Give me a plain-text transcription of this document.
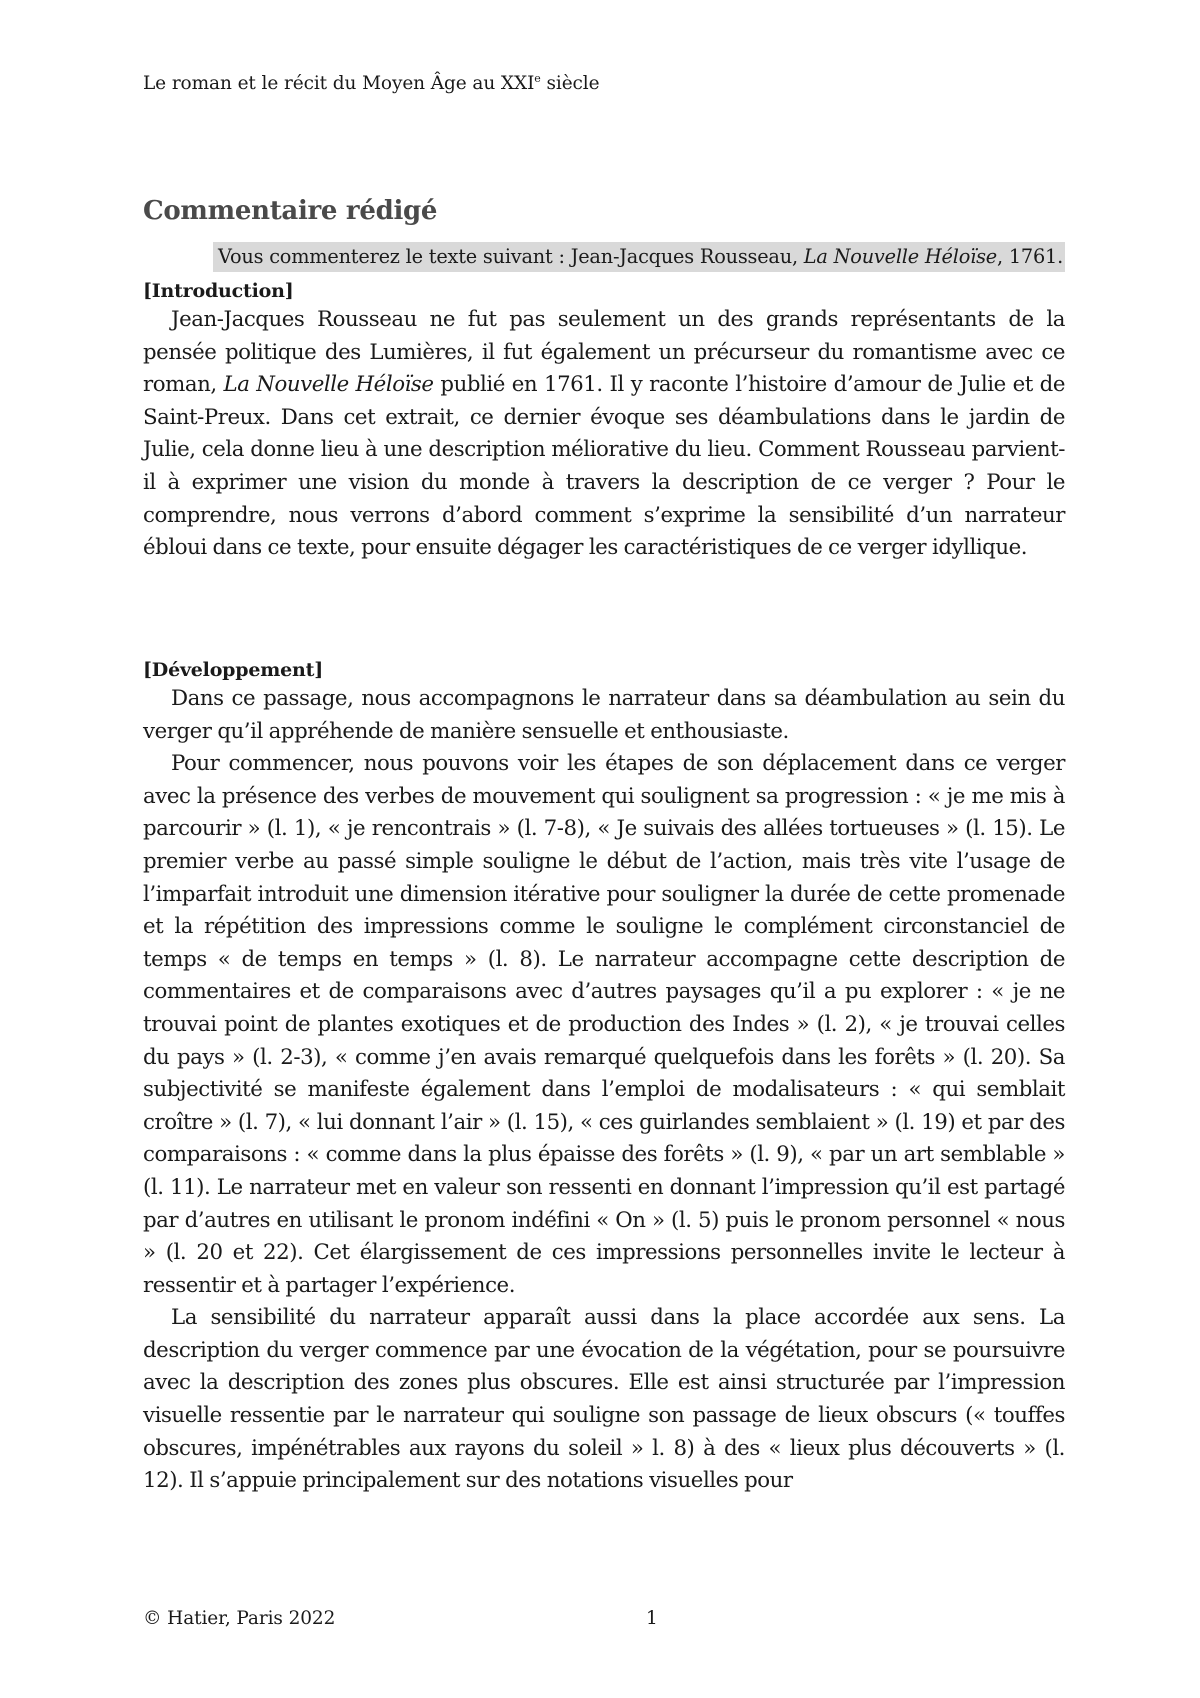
Le roman et le récit du Moyen Âge au XXIe siècle
Commentaire rédigé
Vous commenterez le texte suivant : Jean-Jacques Rousseau, La Nouvelle Héloïse, 1761.
[Introduction]

Jean-Jacques Rousseau ne fut pas seulement un des grands représentants de la pensée politique des Lumières, il fut également un précurseur du romantisme avec ce roman, La Nouvelle Héloïse publié en 1761. Il y raconte l’histoire d’amour de Julie et de Saint-Preux. Dans cet extrait, ce dernier évoque ses déambulations dans le jardin de Julie, cela donne lieu à une description méliorative du lieu. Comment Rousseau parvient-il à exprimer une vision du monde à travers la description de ce verger ? Pour le comprendre, nous verrons d’abord comment s’exprime la sensibilité d’un narrateur ébloui dans ce texte, pour ensuite dégager les caractéristiques de ce verger idyllique.

[Développement]

Dans ce passage, nous accompagnons le narrateur dans sa déambulation au sein du verger qu’il appréhende de manière sensuelle et enthousiaste.

Pour commencer, nous pouvons voir les étapes de son déplacement dans ce verger avec la présence des verbes de mouvement qui soulignent sa progression : « je me mis à parcourir » (l. 1), « je rencontrais » (l. 7-8), « Je suivais des allées tortueuses » (l. 15). Le premier verbe au passé simple souligne le début de l’action, mais très vite l’usage de l’imparfait introduit une dimension itérative pour souligner la durée de cette promenade et la répétition des impressions comme le souligne le complément circonstanciel de temps « de temps en temps » (l. 8). Le narrateur accompagne cette description de commentaires et de comparaisons avec d’autres paysages qu’il a pu explorer : « je ne trouvai point de plantes exotiques et de production des Indes » (l. 2), « je trouvai celles du pays » (l. 2-3), « comme j’en avais remarqué quelquefois dans les forêts » (l. 20). Sa subjectivité se manifeste également dans l’emploi de modalisateurs : « qui semblait croître » (l. 7), « lui donnant l’air » (l. 15), « ces guirlandes semblaient » (l. 19) et par des comparaisons : « comme dans la plus épaisse des forêts » (l. 9), « par un art semblable » (l. 11). Le narrateur met en valeur son ressenti en donnant l’impression qu’il est partagé par d’autres en utilisant le pronom indéfini « On » (l. 5) puis le pronom personnel « nous » (l. 20 et 22). Cet élargissement de ces impressions personnelles invite le lecteur à ressentir et à partager l’expérience.

La sensibilité du narrateur apparaît aussi dans la place accordée aux sens. La description du verger commence par une évocation de la végétation, pour se poursuivre avec la description des zones plus obscures. Elle est ainsi structurée par l’impression visuelle ressentie par le narrateur qui souligne son passage de lieux obscurs (« touffes obscures, impénétrables aux rayons du soleil » l. 8) à des « lieux plus découverts » (l. 12). Il s’appuie principalement sur des notations visuelles pour

© Hatier, Paris 2022	1
